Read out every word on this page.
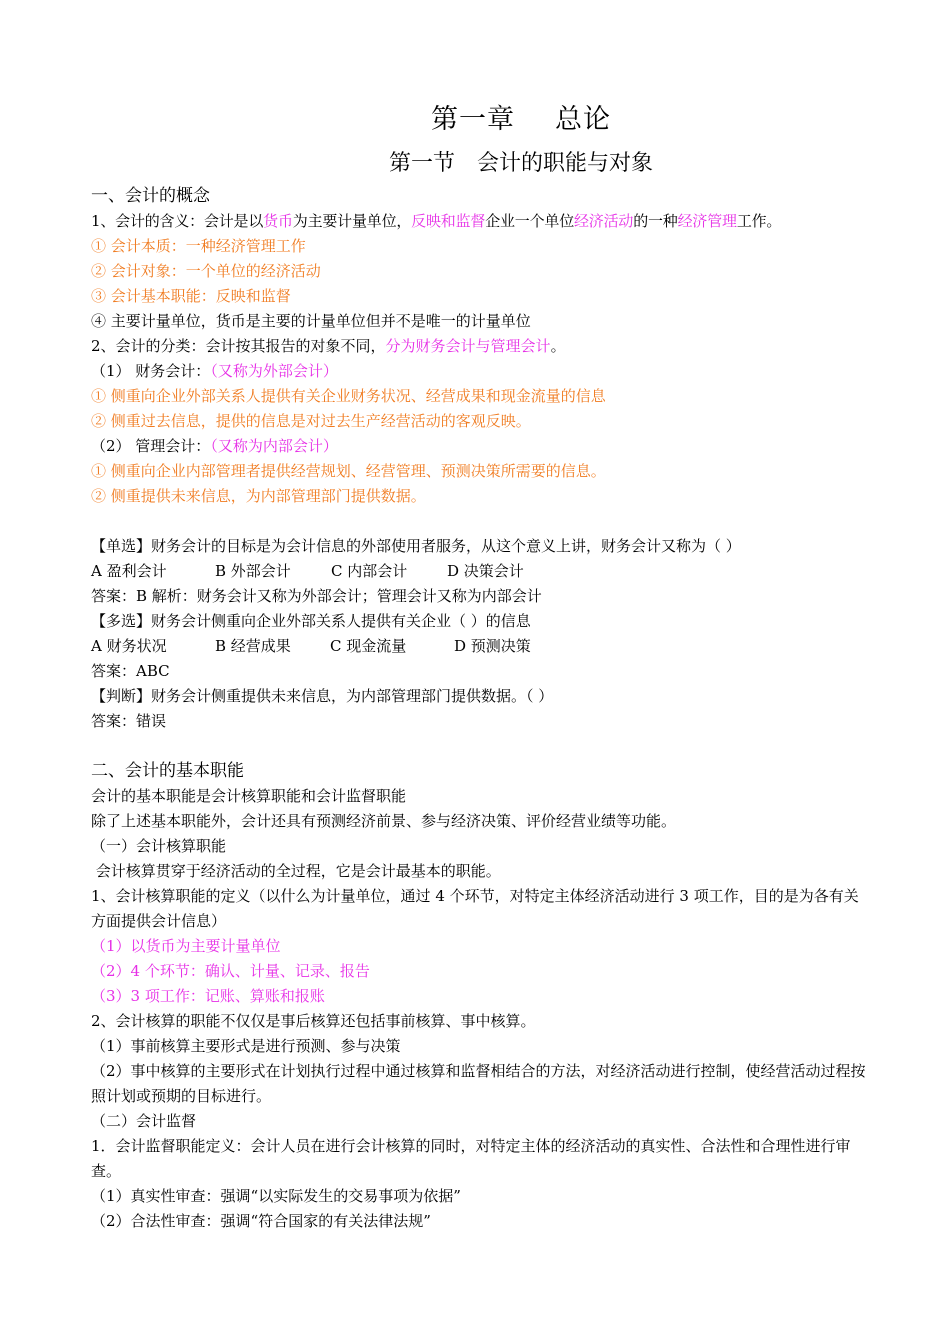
第一章 总论
第一节 会计的职能与对象
一、会计的概念
1、会计的含义：会计是以货币为主要计量单位，反映和监督企业一个单位经济活动的一种经济管理工作。
① 会计本质：一种经济管理工作
② 会计对象：一个单位的经济活动
③ 会计基本职能：反映和监督
④ 主要计量单位，货币是主要的计量单位但并不是唯一的计量单位
2、会计的分类：会计按其报告的对象不同，分为财务会计与管理会计。
（1） 财务会计：（又称为外部会计）
① 侧重向企业外部关系人提供有关企业财务状况、经营成果和现金流量的信息
② 侧重过去信息，提供的信息是对过去生产经营活动的客观反映。
（2） 管理会计：（又称为内部会计）
① 侧重向企业内部管理者提供经营规划、经营管理、预测决策所需要的信息。
② 侧重提供未来信息，为内部管理部门提供数据。
【单选】财务会计的目标是为会计信息的外部使用者服务，从这个意义上讲，财务会计又称为（ ）
A 盈利会计	B 外部会计	C 内部会计	D 决策会计
答案：B 解析：财务会计又称为外部会计；管理会计又称为内部会计
【多选】财务会计侧重向企业外部关系人提供有关企业（ ）的信息
A 财务状况	B 经营成果	C 现金流量	D 预测决策
答案：ABC
【判断】财务会计侧重提供未来信息，为内部管理部门提供数据。（ ）
答案：错误
二、会计的基本职能
会计的基本职能是会计核算职能和会计监督职能
除了上述基本职能外，会计还具有预测经济前景、参与经济决策、评价经营业绩等功能。
（一）会计核算职能
会计核算贯穿于经济活动的全过程，它是会计最基本的职能。
1、会计核算职能的定义（以什么为计量单位，通过 4 个环节，对特定主体经济活动进行 3 项工作，目的是为各有关方面提供会计信息）
（1）以货币为主要计量单位
（2）4 个环节：确认、计量、记录、报告
（3）3 项工作：记账、算账和报账
2、会计核算的职能不仅仅是事后核算还包括事前核算、事中核算。
（1）事前核算主要形式是进行预测、参与决策
（2）事中核算的主要形式在计划执行过程中通过核算和监督相结合的方法，对经济活动进行控制，使经营活动过程按照计划或预期的目标进行。
（二）会计监督
1．会计监督职能定义：会计人员在进行会计核算的同时，对特定主体的经济活动的真实性、合法性和合理性进行审查。
（1）真实性审查：强调“以实际发生的交易事项为依据”
（2）合法性审查：强调“符合国家的有关法律法规”
